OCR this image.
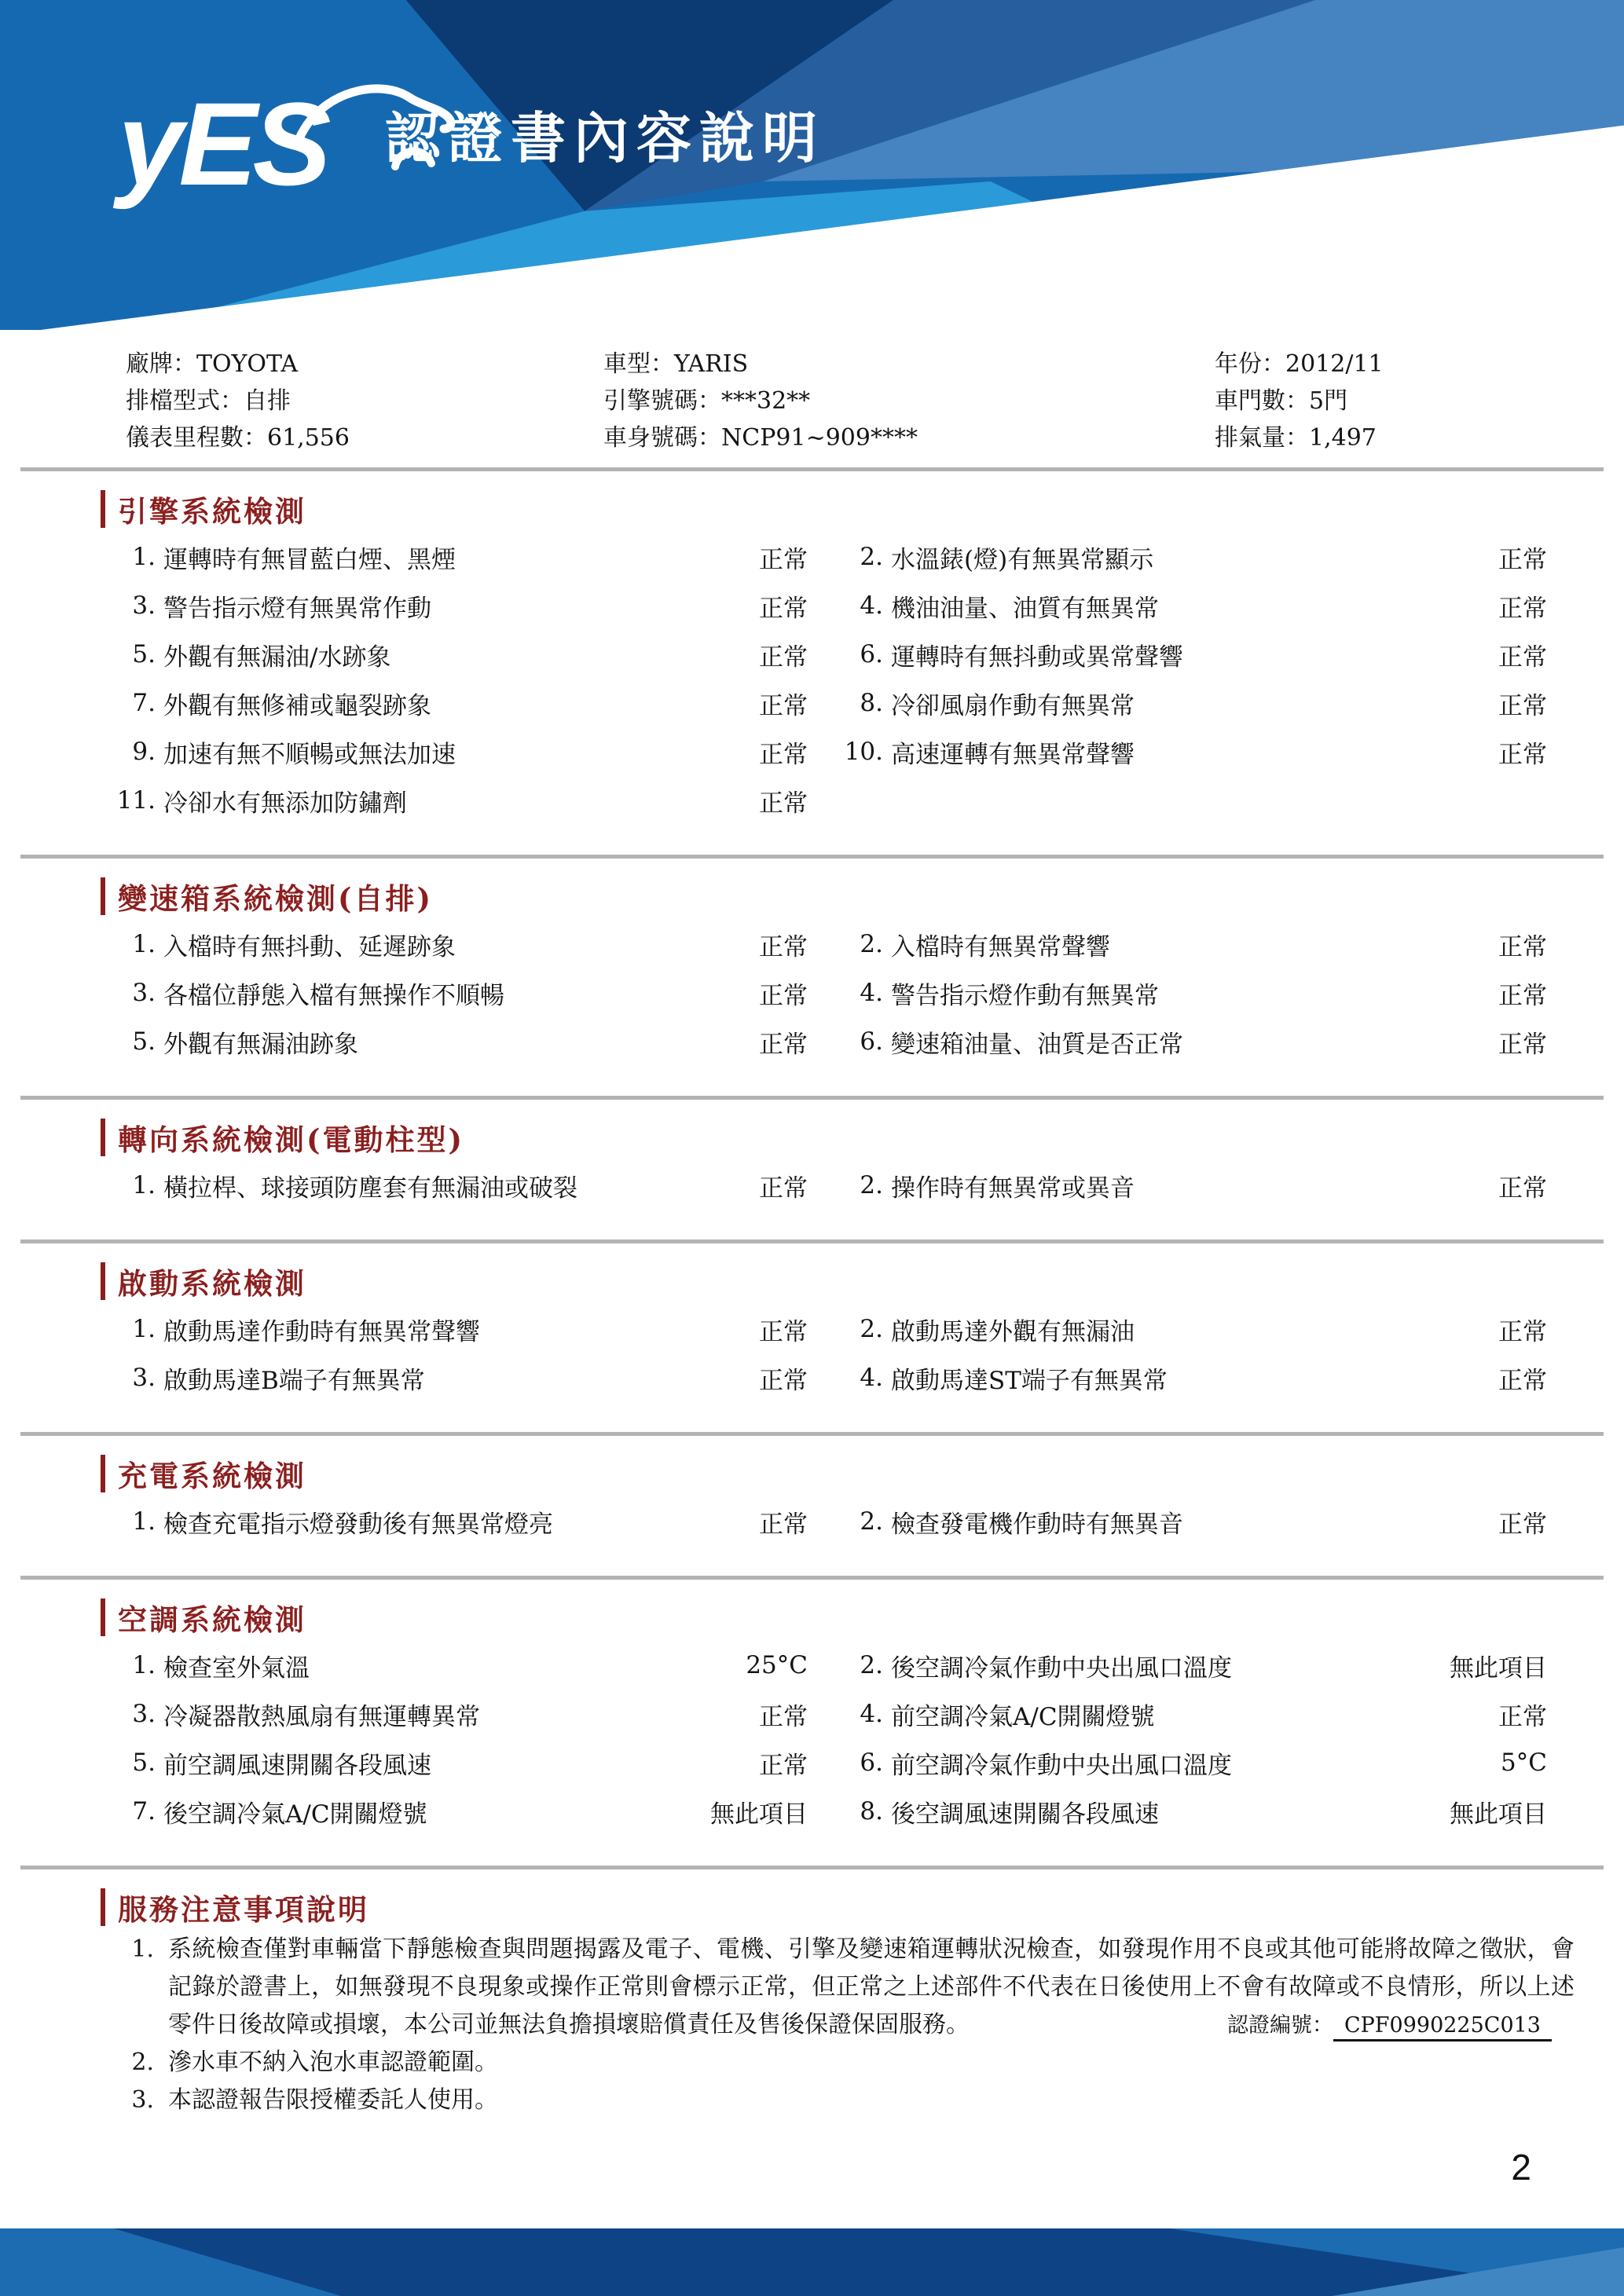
yES 認證書內容說明
廠牌：TOYOTA	車型：YARIS	年份：2012/11
排檔型式：自排	引擎號碼：***32**	車門數：5門
儀表里程數：61,556	車身號碼：NCP91~909****	排氣量：1,497
引擎系統檢測
1. 運轉時有無冒藍白煙、黑煙	正常	2. 水溫錶(燈)有無異常顯示	正常
3. 警告指示燈有無異常作動	正常	4. 機油油量、油質有無異常	正常
5. 外觀有無漏油/水跡象	正常	6. 運轉時有無抖動或異常聲響	正常
7. 外觀有無修補或龜裂跡象	正常	8. 冷卻風扇作動有無異常	正常
9. 加速有無不順暢或無法加速	正常 10. 高速運轉有無異常聲響	正常
11. 冷卻水有無添加防鏽劑	正常
變速箱系統檢測(自排)
1. 入檔時有無抖動、延遲跡象	正常	2. 入檔時有無異常聲響	正常
3. 各檔位靜態入檔有無操作不順暢	正常	4. 警告指示燈作動有無異常	正常
5. 外觀有無漏油跡象	正常	6. 變速箱油量、油質是否正常	正常
轉向系統檢測(電動柱型)
1. 橫拉桿、球接頭防塵套有無漏油或破裂	正常	2. 操作時有無異常或異音	正常
啟動系統檢測
1. 啟動馬達作動時有無異常聲響	正常	2. 啟動馬達外觀有無漏油	正常
3. 啟動馬達B端子有無異常	正常	4. 啟動馬達ST端子有無異常	正常
充電系統檢測
1. 檢查充電指示燈發動後有無異常燈亮	正常	2. 檢查發電機作動時有無異音	正常
空調系統檢測
1. 檢查室外氣溫	25°C	2. 後空調冷氣作動中央出風口溫度	無此項目
3. 冷凝器散熱風扇有無運轉異常	正常	4. 前空調冷氣A/C開關燈號	正常
5. 前空調風速開關各段風速	正常	6. 前空調冷氣作動中央出風口溫度	5°C
7. 後空調冷氣A/C開關燈號	無此項目	8. 後空調風速開關各段風速	無此項目
服務注意事項說明
1. 系統檢查僅對車輛當下靜態檢查與問題揭露及電子、電機、引擎及變速箱運轉狀況檢查，如發現作用不良或其他可能將故障之徵狀，會記錄於證書上，如無發現不良現象或操作正常則會標示正常，但正常之上述部件不代表在日後使用上不會有故障或不良情形，所以上述零件日後故障或損壞，本公司並無法負擔損壞賠償責任及售後保證保固服務。
2. 滲水車不納入泡水車認證範圍。
3. 本認證報告限授權委託人使用。
認證編號： CPF0990225C013
2
